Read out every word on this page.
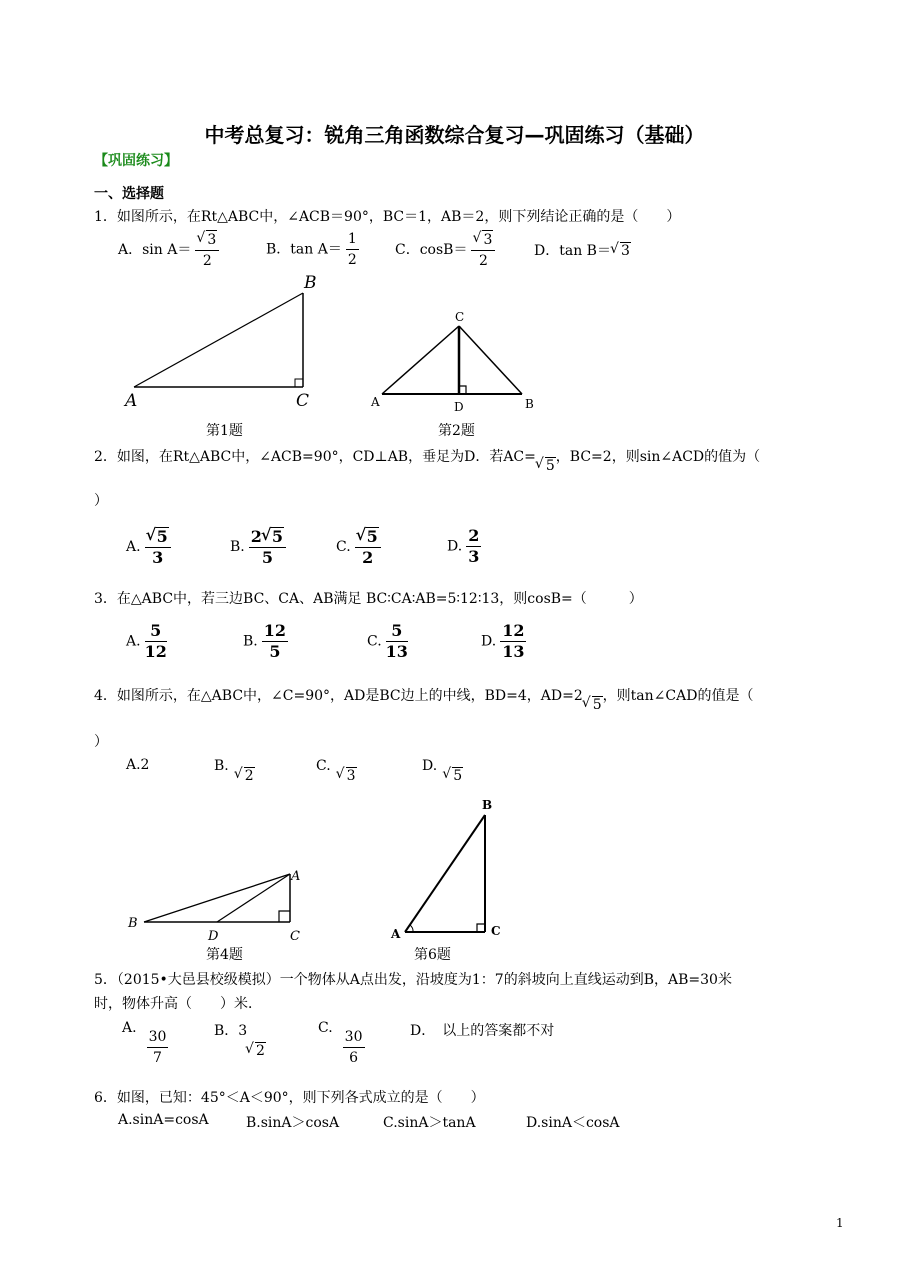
中考总复习：锐角三角函数综合复习—巩固练习（基础）
【巩固练习】
一、选择题
1．如图所示，在Rt△ABC中，∠ACB＝90°，BC＝1，AB＝2，则下列结论正确的是（　　）
A．sin A＝ √ $\frac{3}{2}$	B．$\tan A= \frac{1}{2}$	C．cosB＝ √ $\frac{3}{2}$	D．tan B＝ √ 3
B
A	C
第1题
C
A	D	B
第2题
2．如图，在Rt△ABC中，∠ACB=90°，CD⊥AB，垂足为D．若AC=√ 5，BC=2，则sin∠ACD的值为（
）
A. √ $\frac{5}{3}$	B. $\frac{2 √ 5}{5}$	C. √ $\frac{5}{2}$	D. $\frac{2}{3}$
3．在△ABC中，若三边BC、CA、AB满足 BC∶CA∶AB=5∶12∶13，则cosB=（　　　）
A. $\frac{5}{12}$	B. $\frac{12}{5}$	C. $\frac{5}{13}$	D. $\frac{12}{13}$
4．如图所示，在△ABC中，∠C=90°，AD是BC边上的中线，BD=4，AD=2√ 5，则tan∠CAD的值是（
）
A.2	B.√ 2
C.√ 3
D.√ 5
A
B
D	C
第4题
B
A	C
第6题
5．（2015•大邑县校级模拟）一个物体从A点出发，沿坡度为1：7的斜坡向上直线运动到B，AB=30米
时，物体升高（　　）米．
A. $\frac{30}{7}$	B．3
√ 2
C. $\frac{30}{6}$	D．　以上的答案都不对
6．如图，已知：45°＜A＜90°，则下列各式成立的是（　　）
A.sinA=cosA	B.sinA＞cosA	C.sinA＞tanA	D.sinA＜cosA
1
